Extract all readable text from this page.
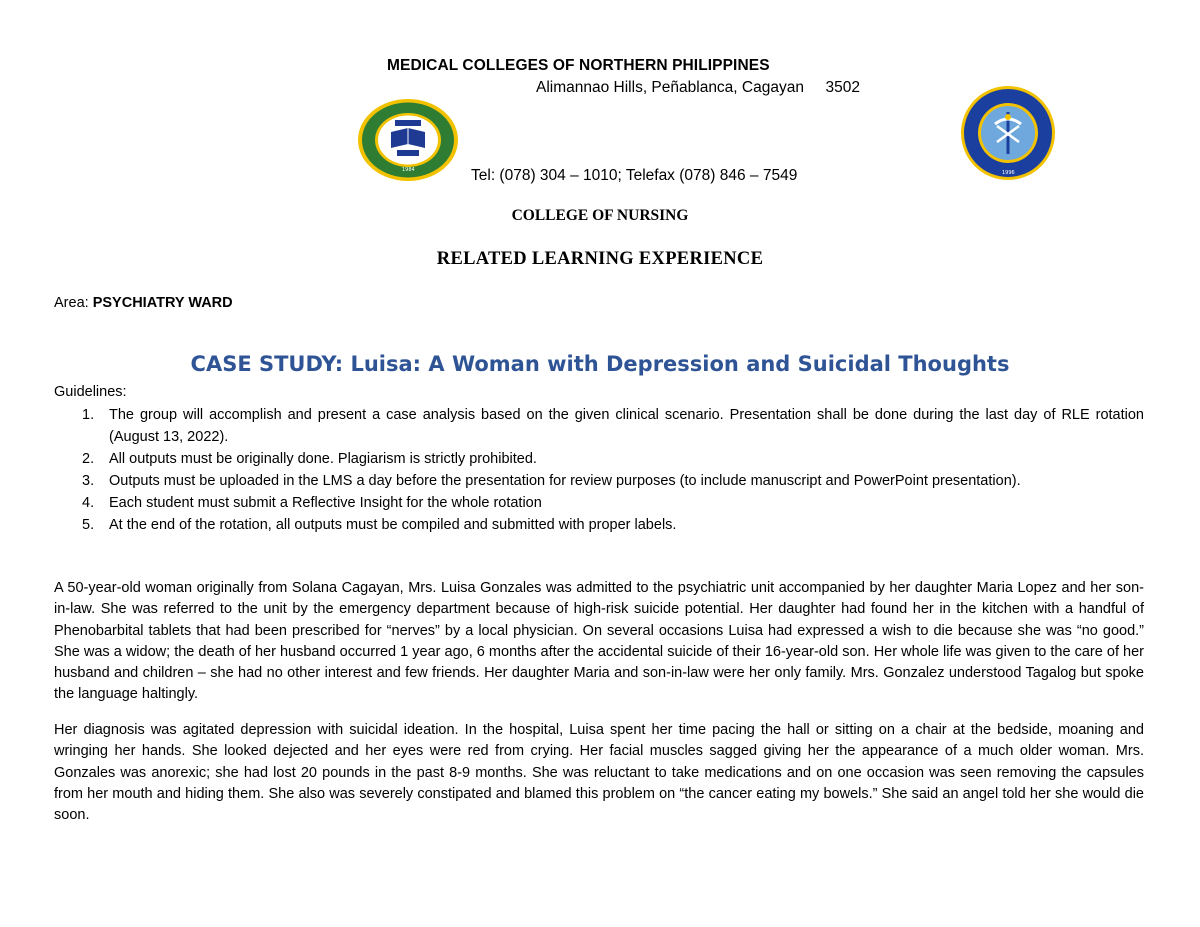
1984	1996
MEDICAL COLLEGES OF NORTHERN PHILIPPINES
Alimannao Hills, Peñablanca, Cagayan     3502
Tel: (078) 304 – 1010; Telefax (078) 846 – 7549
COLLEGE OF NURSING
RELATED LEARNING EXPERIENCE
Area: PSYCHIATRY WARD
CASE STUDY: Luisa: A Woman with Depression and Suicidal Thoughts
Guidelines:
1. The group will accomplish and present a case analysis based on the given clinical scenario. Presentation shall be done during the last day of RLE rotation (August 13, 2022).
2. All outputs must be originally done. Plagiarism is strictly prohibited.
3. Outputs must be uploaded in the LMS a day before the presentation for review purposes (to include manuscript and PowerPoint presentation).
4. Each student must submit a Reflective Insight for the whole rotation
5. At the end of the rotation, all outputs must be compiled and submitted with proper labels.

A 50-year-old woman originally from Solana Cagayan, Mrs. Luisa Gonzales was admitted to the psychiatric unit accompanied by her daughter Maria Lopez and her son-in-law. She was referred to the unit by the emergency department because of high-risk suicide potential. Her daughter had found her in the kitchen with a handful of Phenobarbital tablets that had been prescribed for “nerves” by a local physician. On several occasions Luisa had expressed a wish to die because she was “no good.” She was a widow; the death of her husband occurred 1 year ago, 6 months after the accidental suicide of their 16-year-old son. Her whole life was given to the care of her husband and children – she had no other interest and few friends. Her daughter Maria and son-in-law were her only family. Mrs. Gonzalez understood Tagalog but spoke the language haltingly.

Her diagnosis was agitated depression with suicidal ideation. In the hospital, Luisa spent her time pacing the hall or sitting on a chair at the bedside, moaning and wringing her hands. She looked dejected and her eyes were red from crying. Her facial muscles sagged giving her the appearance of a much older woman. Mrs. Gonzales was anorexic; she had lost 20 pounds in the past 8-9 months. She was reluctant to take medications and on one occasion was seen removing the capsules from her mouth and hiding them. She also was severely constipated and blamed this problem on “the cancer eating my bowels.” She said an angel told her she would die soon.
